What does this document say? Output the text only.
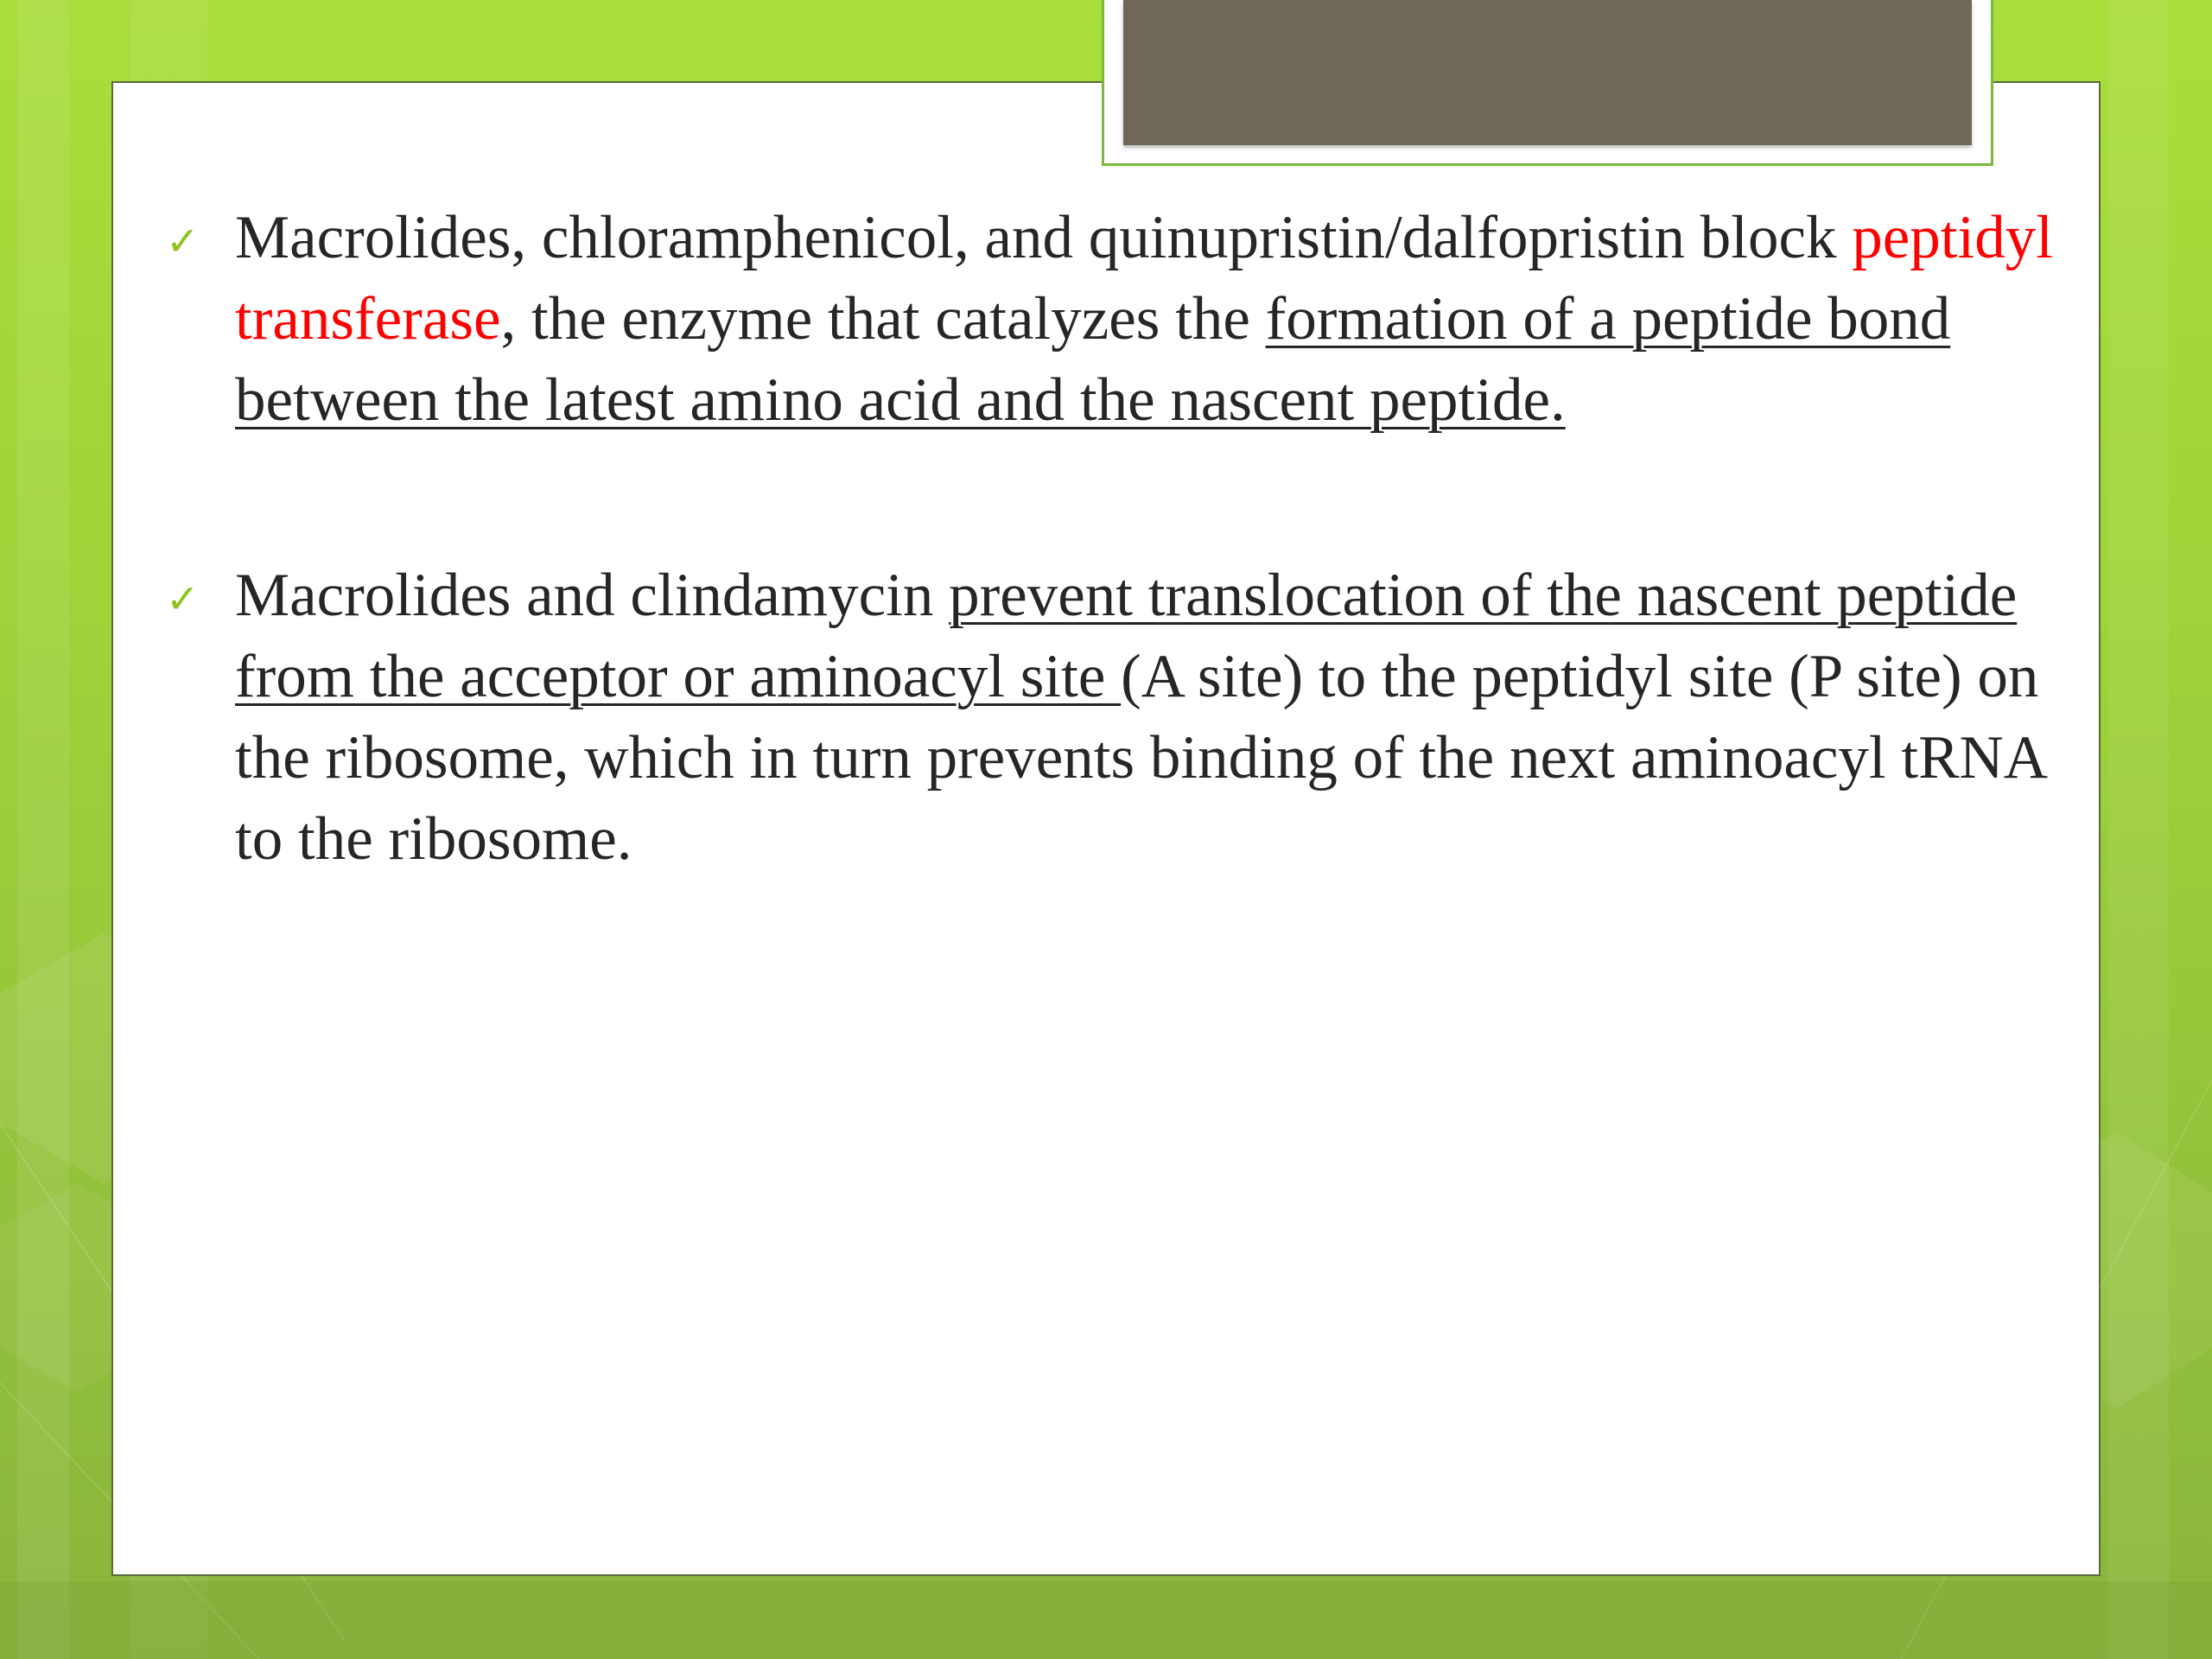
✓ Macrolides, chloramphenicol, and quinupristin/dalfopristin block peptidyl transferase, the enzyme that catalyzes the formation of a peptide bond between the latest amino acid and the nascent peptide.

✓ Macrolides and clindamycin prevent translocation of the nascent peptide from the acceptor or aminoacyl site (A site) to the peptidyl site (P site) on the ribosome, which in turn prevents binding of the next aminoacyl tRNA to the ribosome.
